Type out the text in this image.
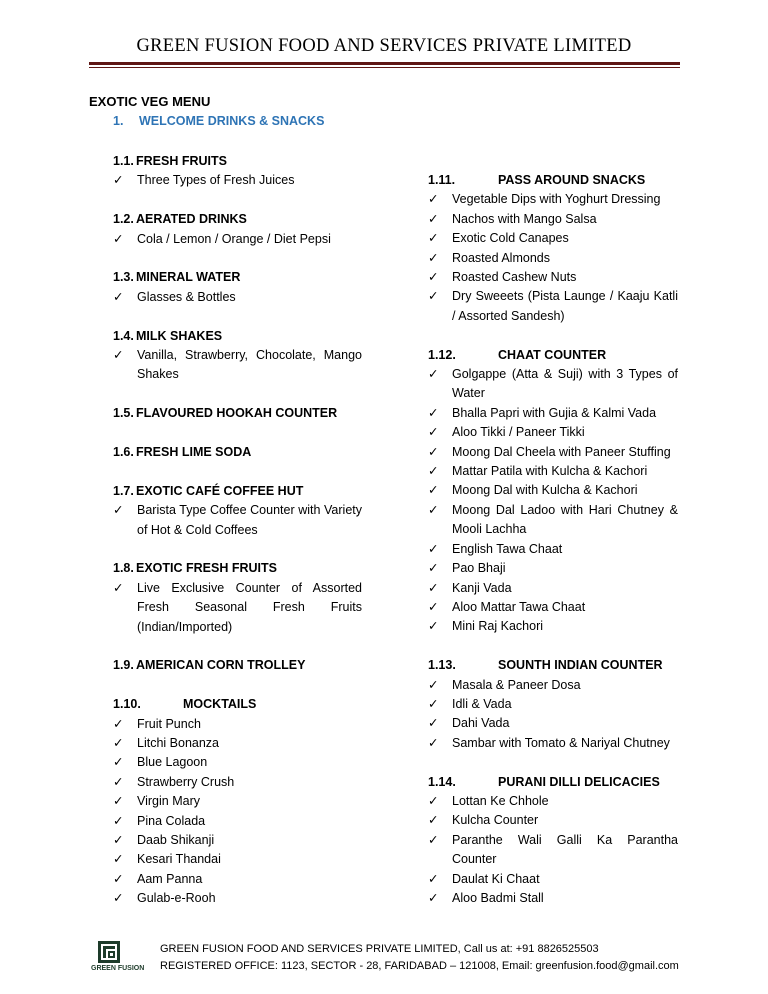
GREEN FUSION FOOD AND SERVICES PRIVATE LIMITED
EXOTIC VEG MENU
1. WELCOME DRINKS & SNACKS
1.1. FRESH FRUITS
✓	Three Types of Fresh Juices
1.2. AERATED DRINKS
✓	Cola / Lemon / Orange / Diet Pepsi
1.3. MINERAL WATER
✓	Glasses & Bottles
1.4. MILK SHAKES
✓	Vanilla, Strawberry, Chocolate, Mango Shakes
1.5. FLAVOURED HOOKAH COUNTER
1.6. FRESH LIME SODA
1.7. EXOTIC CAFÉ COFFEE HUT
✓	Barista Type Coffee Counter with Variety of Hot & Cold Coffees
1.8. EXOTIC FRESH FRUITS
✓	Live Exclusive Counter of Assorted Fresh Seasonal Fresh Fruits (Indian/Imported)
1.9. AMERICAN CORN TROLLEY
1.10.	MOCKTAILS
✓	Fruit Punch
✓	Litchi Bonanza
✓	Blue Lagoon
✓	Strawberry Crush
✓	Virgin Mary
✓	Pina Colada
✓	Daab Shikanji
✓	Kesari Thandai
✓	Aam Panna
✓	Gulab-e-Rooh
1.11.	PASS AROUND SNACKS
✓	Vegetable Dips with Yoghurt Dressing
✓	Nachos with Mango Salsa
✓	Exotic Cold Canapes
✓	Roasted Almonds
✓	Roasted Cashew Nuts
✓	Dry Sweeets (Pista Launge / Kaaju Katli / Assorted Sandesh)
1.12.	CHAAT COUNTER
✓	Golgappe (Atta & Suji) with 3 Types of Water
✓	Bhalla Papri with Gujia & Kalmi Vada
✓	Aloo Tikki / Paneer Tikki
✓	Moong Dal Cheela with Paneer Stuffing
✓	Mattar Patila with Kulcha & Kachori
✓	Moong Dal with Kulcha & Kachori
✓	Moong Dal Ladoo with Hari Chutney & Mooli Lachha
✓	English Tawa Chaat
✓	Pao Bhaji
✓	Kanji Vada
✓	Aloo Mattar Tawa Chaat
✓	Mini Raj Kachori
1.13.	SOUNTH INDIAN COUNTER
✓	Masala & Paneer Dosa
✓	Idli & Vada
✓	Dahi Vada
✓	Sambar with Tomato & Nariyal Chutney
1.14.	PURANI DILLI DELICACIES
✓	Lottan Ke Chhole
✓	Kulcha Counter
✓	Paranthe Wali Galli Ka Parantha Counter
✓	Daulat Ki Chaat
✓	Aloo Badmi Stall
GREEN FUSION
GREEN FUSION FOOD AND SERVICES PRIVATE LIMITED, Call us at: +91 8826525503
REGISTERED OFFICE: 1123, SECTOR - 28, FARIDABAD – 121008, Email: greenfusion.food@gmail.com
